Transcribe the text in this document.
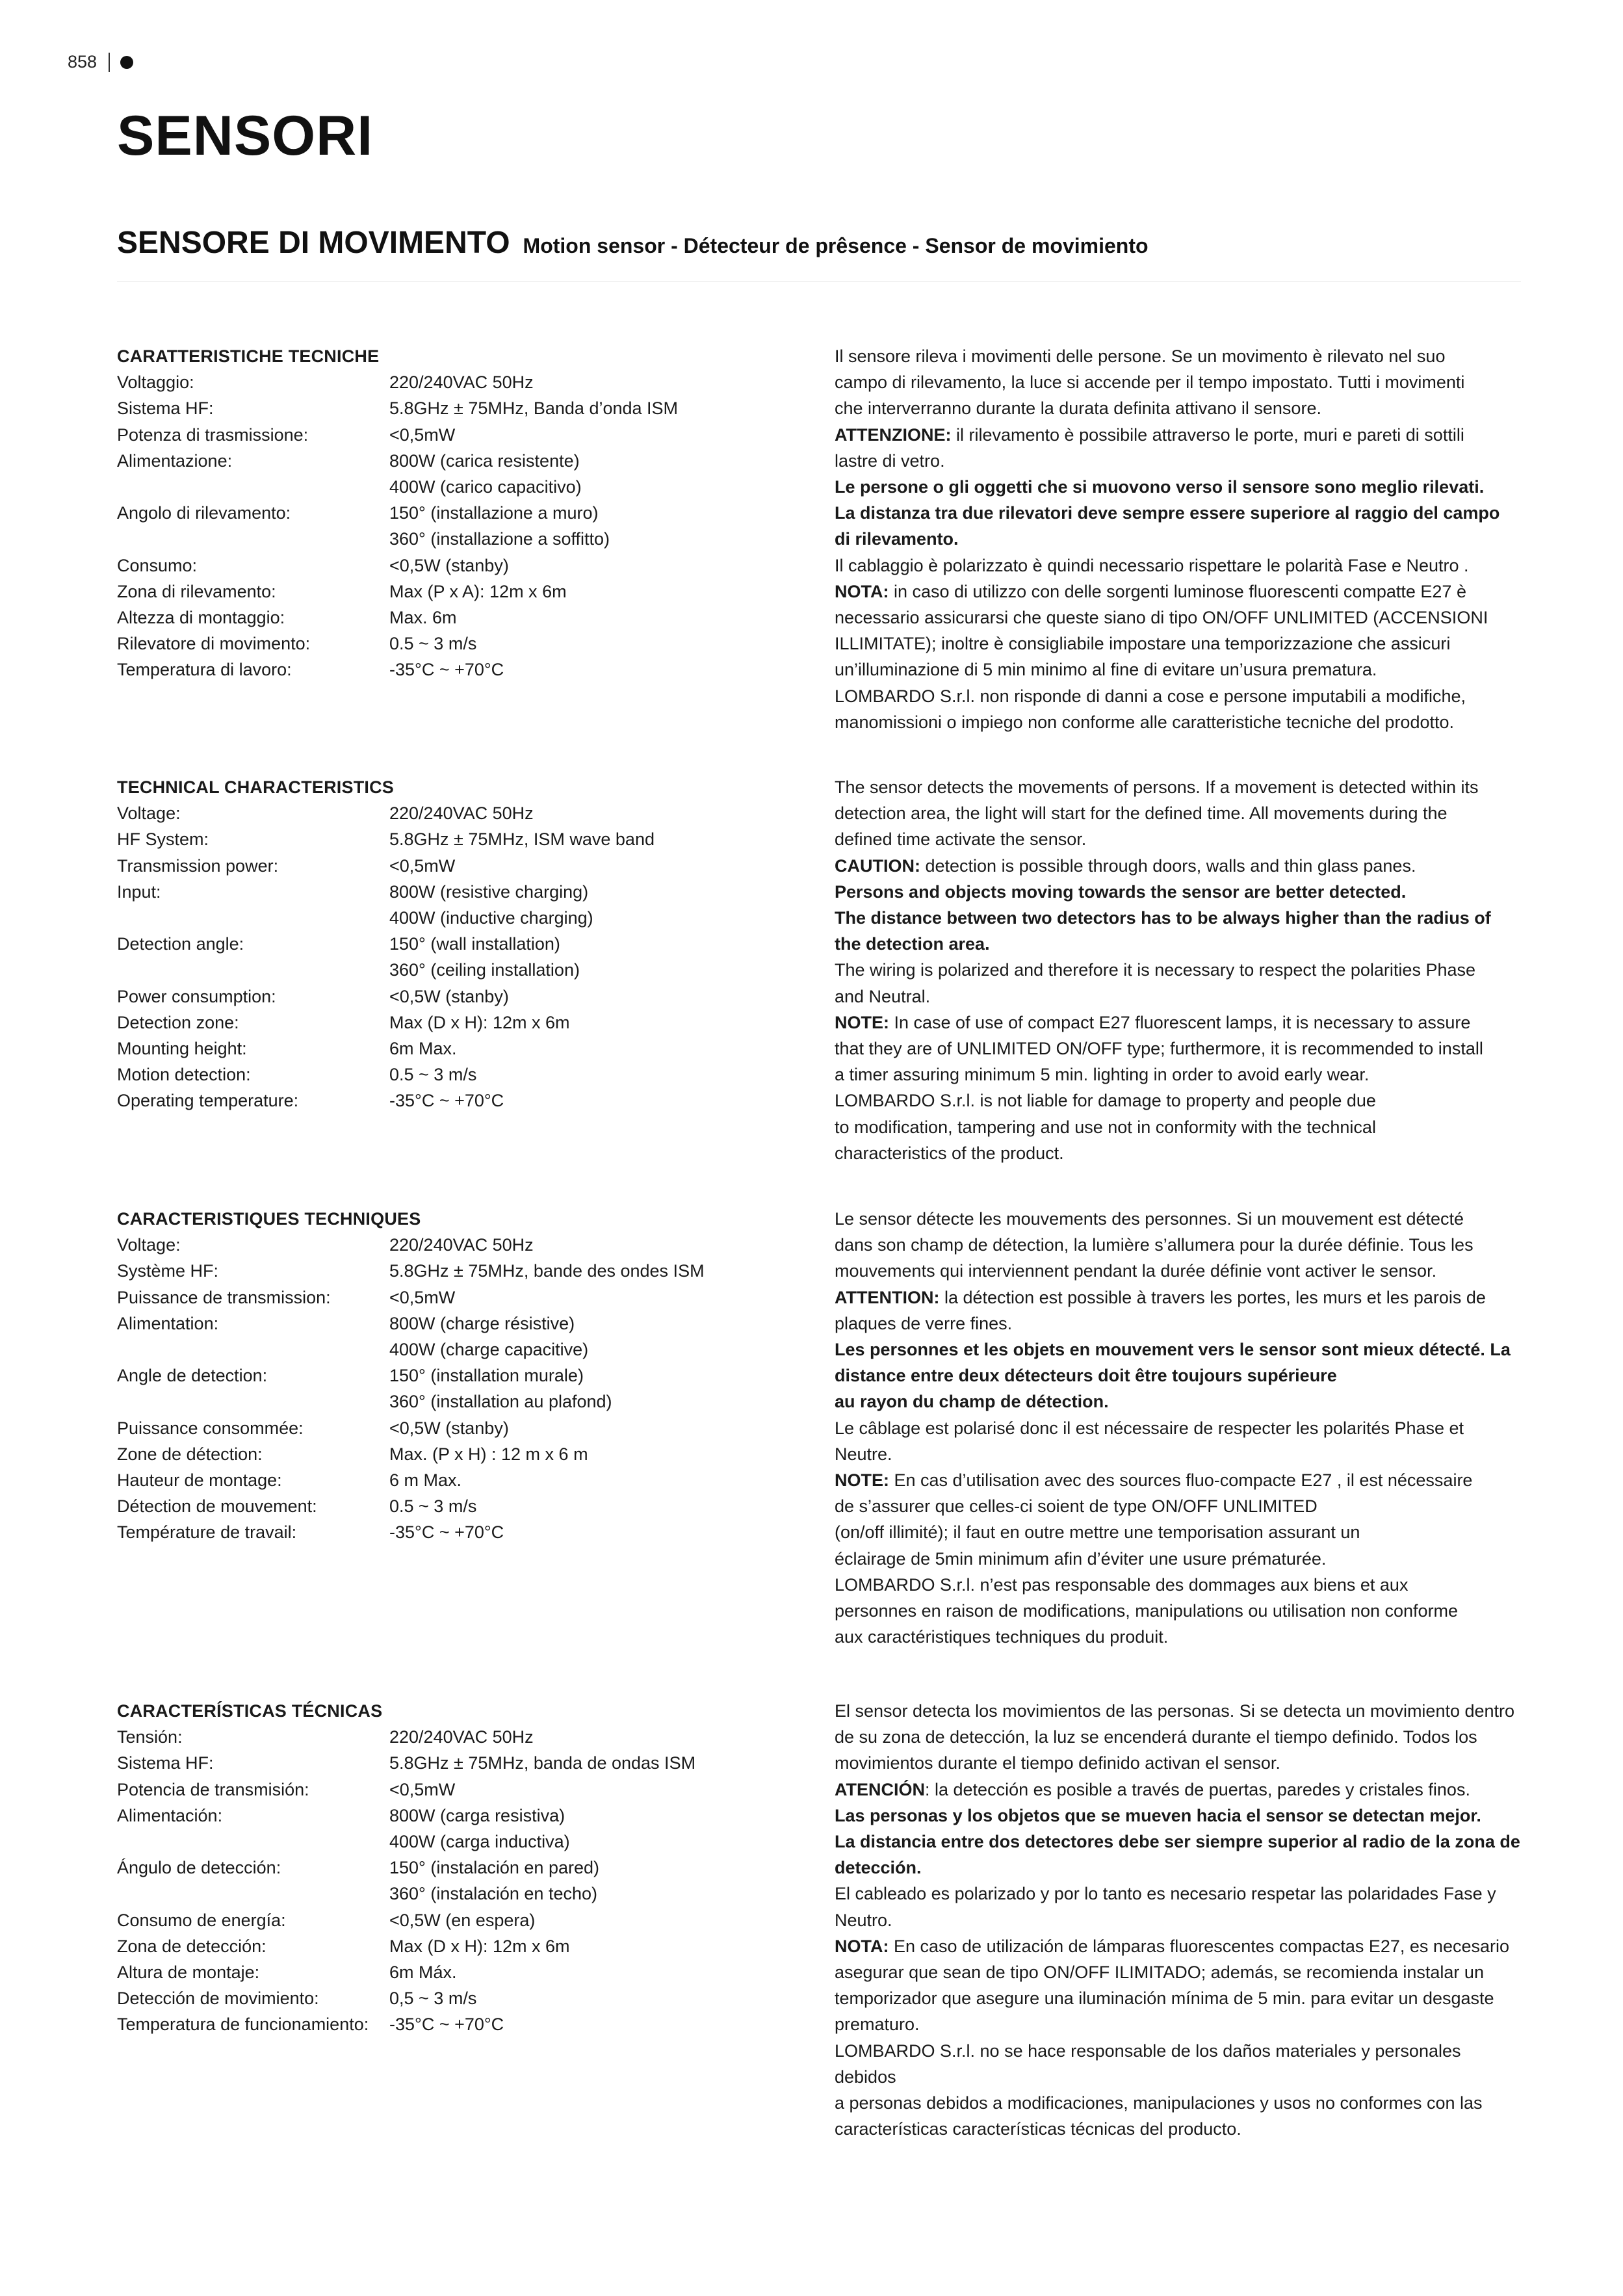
858
SENSORI
SENSORE DI MOVIMENTO Motion sensor - Détecteur de prêsence - Sensor de movimiento
CARATTERISTICHE TECNICHE
Voltaggio:	220/240VAC 50Hz
Sistema HF:	5.8GHz ± 75MHz, Banda d’onda ISM
Potenza di trasmissione:	<0,5mW
Alimentazione:	800W (carica resistente)
400W (carico capacitivo)
Angolo di rilevamento:	150° (installazione a muro)
360° (installazione a soffitto)
Consumo:	<0,5W (stanby)
Zona di rilevamento:	Max (P x A): 12m x 6m
Altezza di montaggio:	Max. 6m
Rilevatore di movimento:	0.5 ~ 3 m/s
Temperatura di lavoro:	-35°C ~ +70°C

Il sensore rileva i movimenti delle persone. Se un movimento è rilevato nel suo

campo di rilevamento, la luce si accende per il tempo impostato. Tutti i movimenti

che interverranno durante la durata definita attivano il sensore.

ATTENZIONE: il rilevamento è possibile attraverso le porte, muri e pareti di sottili

lastre di vetro.

Le persone o gli oggetti che si muovono verso il sensore sono meglio rilevati.

La distanza tra due rilevatori deve sempre essere superiore al raggio del campo

di rilevamento.

Il cablaggio è polarizzato è quindi necessario rispettare le polarità Fase e Neutro .

NOTA: in caso di utilizzo con delle sorgenti luminose fluorescenti compatte E27 è

necessario assicurarsi che queste siano di tipo ON/OFF UNLIMITED (ACCENSIONI

ILLIMITATE); inoltre è consigliabile impostare una temporizzazione che assicuri

un’illuminazione di 5 min minimo al fine di evitare un’usura prematura.

LOMBARDO S.r.l. non risponde di danni a cose e persone imputabili a modifiche,

manomissioni o impiego non conforme alle caratteristiche tecniche del prodotto.

TECHNICAL CHARACTERISTICS
Voltage:	220/240VAC 50Hz
HF System:	5.8GHz ± 75MHz, ISM wave band
Transmission power:	<0,5mW
Input:	800W (resistive charging)
400W (inductive charging)
Detection angle:	150° (wall installation)
360° (ceiling installation)
Power consumption:	<0,5W (stanby)
Detection zone:	Max (D x H): 12m x 6m
Mounting height:	6m Max.
Motion detection:	0.5 ~ 3 m/s
Operating temperature:	-35°C ~ +70°C

The sensor detects the movements of persons. If a movement is detected within its

detection area, the light will start for the defined time. All movements during the

defined time activate the sensor.

CAUTION: detection is possible through doors, walls and thin glass panes.

Persons and objects moving towards the sensor are better detected.

The distance between two detectors has to be always higher than the radius of

the detection area.

The wiring is polarized and therefore it is necessary to respect the polarities Phase

and Neutral.

NOTE: In case of use of compact E27 fluorescent lamps, it is necessary to assure

that they are of UNLIMITED ON/OFF type; furthermore, it is recommended to install

a timer assuring minimum 5 min. lighting in order to avoid early wear.

LOMBARDO S.r.l. is not liable for damage to property and people due

to modification, tampering and use not in conformity with the technical

characteristics of the product.

CARACTERISTIQUES TECHNIQUES
Voltage:	220/240VAC 50Hz
Système HF:	5.8GHz ± 75MHz, bande des ondes ISM
Puissance de transmission:	<0,5mW
Alimentation:	800W (charge résistive)
400W (charge capacitive)
Angle de detection:	150° (installation murale)
360° (installation au plafond)
Puissance consommée:	<0,5W (stanby)
Zone de détection:	Max. (P x H) : 12 m x 6 m
Hauteur de montage:	6 m Max.
Détection de mouvement:	0.5 ~ 3 m/s
Température de travail:	-35°C ~ +70°C

Le sensor détecte les mouvements des personnes. Si un mouvement est détecté

dans son champ de détection, la lumière s’allumera pour la durée définie. Tous les

mouvements qui interviennent pendant la durée définie vont activer le sensor.

ATTENTION: la détection est possible à travers les portes, les murs et les parois de

plaques de verre fines.

Les personnes et les objets en mouvement vers le sensor sont mieux détecté. La

distance entre deux détecteurs doit être toujours supérieure

au rayon du champ de détection.

Le câblage est polarisé donc il est nécessaire de respecter les polarités Phase et

Neutre.

NOTE: En cas d’utilisation avec des sources fluo-compacte E27 , il est nécessaire

de s’assurer que celles-ci soient de type ON/OFF UNLIMITED

(on/off illimité); il faut en outre mettre une temporisation assurant un

éclairage de 5min minimum afin d’éviter une usure prématurée.

LOMBARDO S.r.l. n’est pas responsable des dommages aux biens et aux

personnes en raison de modifications, manipulations ou utilisation non conforme

aux caractéristiques techniques du produit.

CARACTERÍSTICAS TÉCNICAS
Tensión:	220/240VAC 50Hz
Sistema HF:	5.8GHz ± 75MHz, banda de ondas ISM
Potencia de transmisión:	<0,5mW
Alimentación:	800W (carga resistiva)
400W (carga inductiva)
Ángulo de detección:	150° (instalación en pared)
360° (instalación en techo)
Consumo de energía:	<0,5W (en espera)
Zona de detección:	Max (D x H): 12m x 6m
Altura de montaje:	6m Máx.
Detección de movimiento:	0,5 ~ 3 m/s
Temperatura de funcionamiento:	-35°C ~ +70°C

El sensor detecta los movimientos de las personas. Si se detecta un movimiento dentro

de su zona de detección, la luz se encenderá durante el tiempo definido. Todos los

movimientos durante el tiempo definido activan el sensor.

ATENCIÓN: la detección es posible a través de puertas, paredes y cristales finos.

Las personas y los objetos que se mueven hacia el sensor se detectan mejor.

La distancia entre dos detectores debe ser siempre superior al radio de la zona de

detección.

El cableado es polarizado y por lo tanto es necesario respetar las polaridades Fase y

Neutro.

NOTA: En caso de utilización de lámparas fluorescentes compactas E27, es necesario

asegurar que sean de tipo ON/OFF ILIMITADO; además, se recomienda instalar un

temporizador que asegure una iluminación mínima de 5 min. para evitar un desgaste

prematuro.

LOMBARDO S.r.l. no se hace responsable de los daños materiales y personales debidos

a personas debidos a modificaciones, manipulaciones y usos no conformes con las

características características técnicas del producto.
